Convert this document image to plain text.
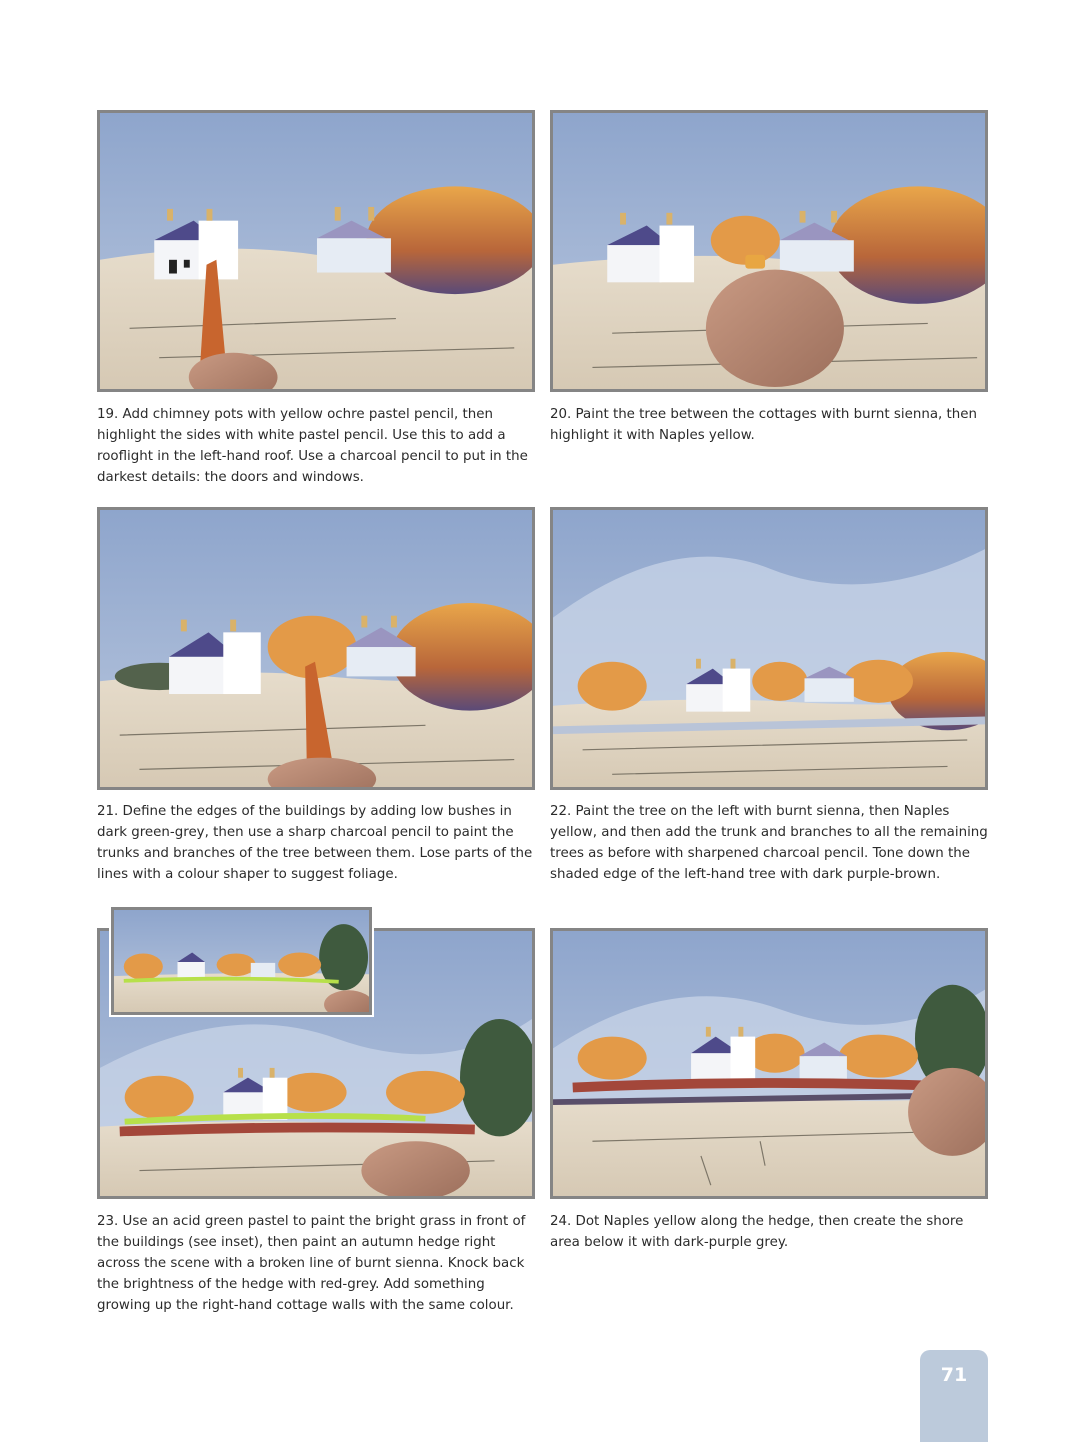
19. Add chimney pots with yellow ochre pastel pencil, then highlight the sides with white pastel pencil. Use this to add a rooflight in the left-hand roof. Use a charcoal pencil to put in the darkest details: the doors and windows.
20. Paint the tree between the cottages with burnt sienna, then highlight it with Naples yellow.
21. Define the edges of the buildings by adding low bushes in dark green-grey, then use a sharp charcoal pencil to paint the trunks and branches of the tree between them. Lose parts of the lines with a colour shaper to suggest foliage.
22. Paint the tree on the left with burnt sienna, then Naples yellow, and then add the trunk and branches to all the remaining trees as before with sharpened charcoal pencil. Tone down the shaded edge of the left-hand tree with dark purple-brown.
23. Use an acid green pastel to paint the bright grass in front of the buildings (see inset), then paint an autumn hedge right across the scene with a broken line of burnt sienna. Knock back the brightness of the hedge with red-grey. Add something growing up the right-hand cottage walls with the same colour.
24. Dot Naples yellow along the hedge, then create the shore area below it with dark-purple grey.
71
